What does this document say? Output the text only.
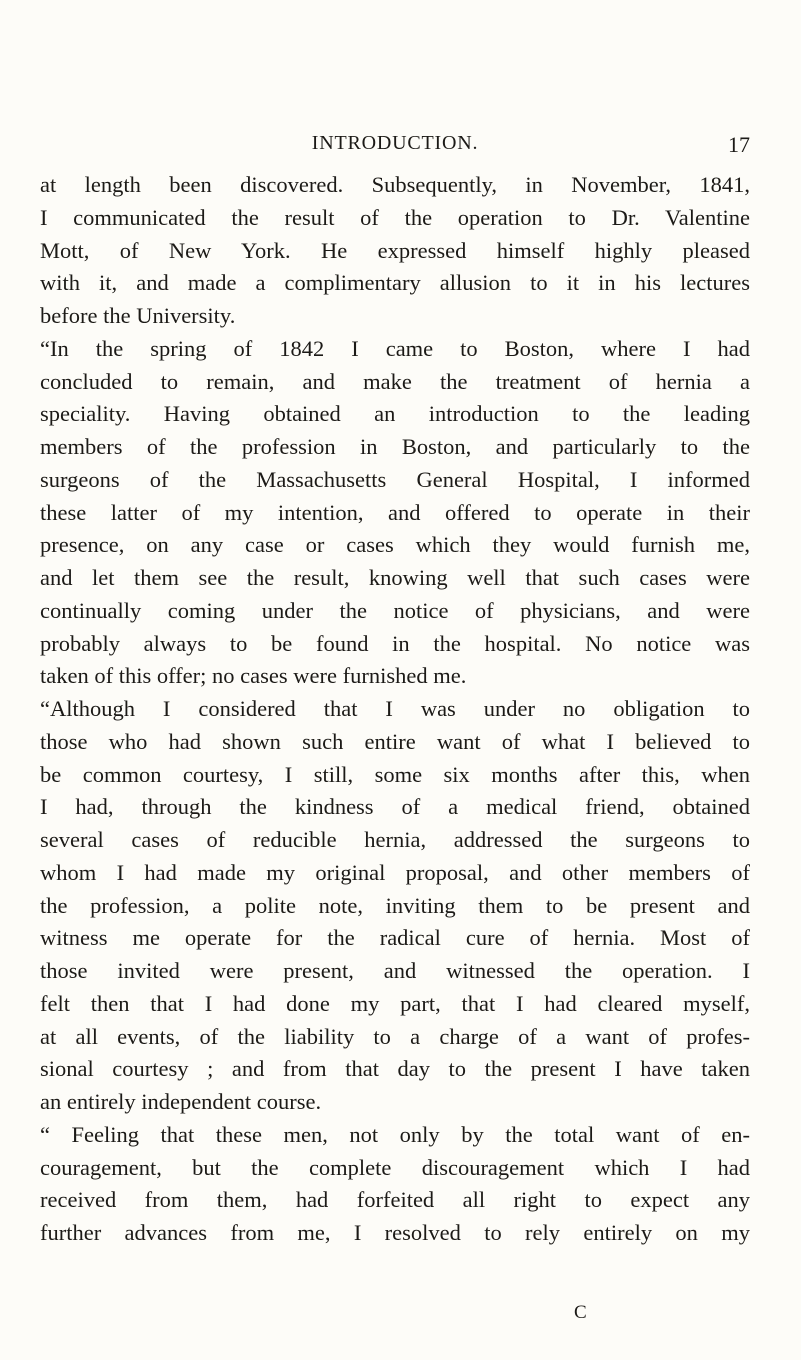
INTRODUCTION.	17
at length been discovered. Subsequently, in November, 1841,
I communicated the result of the operation to Dr. Valentine
Mott, of New York. He expressed himself highly pleased
with it, and made a complimentary allusion to it in his lectures
before the University.
“In the spring of 1842 I came to Boston, where I had
concluded to remain, and make the treatment of hernia a
speciality. Having obtained an introduction to the leading
members of the profession in Boston, and particularly to the
surgeons of the Massachusetts General Hospital, I informed
these latter of my intention, and offered to operate in their
presence, on any case or cases which they would furnish me,
and let them see the result, knowing well that such cases were
continually coming under the notice of physicians, and were
probably always to be found in the hospital. No notice was
taken of this offer; no cases were furnished me.
“Although I considered that I was under no obligation to
those who had shown such entire want of what I believed to
be common courtesy, I still, some six months after this, when
I had, through the kindness of a medical friend, obtained
several cases of reducible hernia, addressed the surgeons to
whom I had made my original proposal, and other members of
the profession, a polite note, inviting them to be present and
witness me operate for the radical cure of hernia. Most of
those invited were present, and witnessed the operation. I
felt then that I had done my part, that I had cleared myself,
at all events, of the liability to a charge of a want of profes-
sional courtesy ; and from that day to the present I have taken
an entirely independent course.
“ Feeling that these men, not only by the total want of en-
couragement, but the complete discouragement which I had
received from them, had forfeited all right to expect any
further advances from me, I resolved to rely entirely on my
C
